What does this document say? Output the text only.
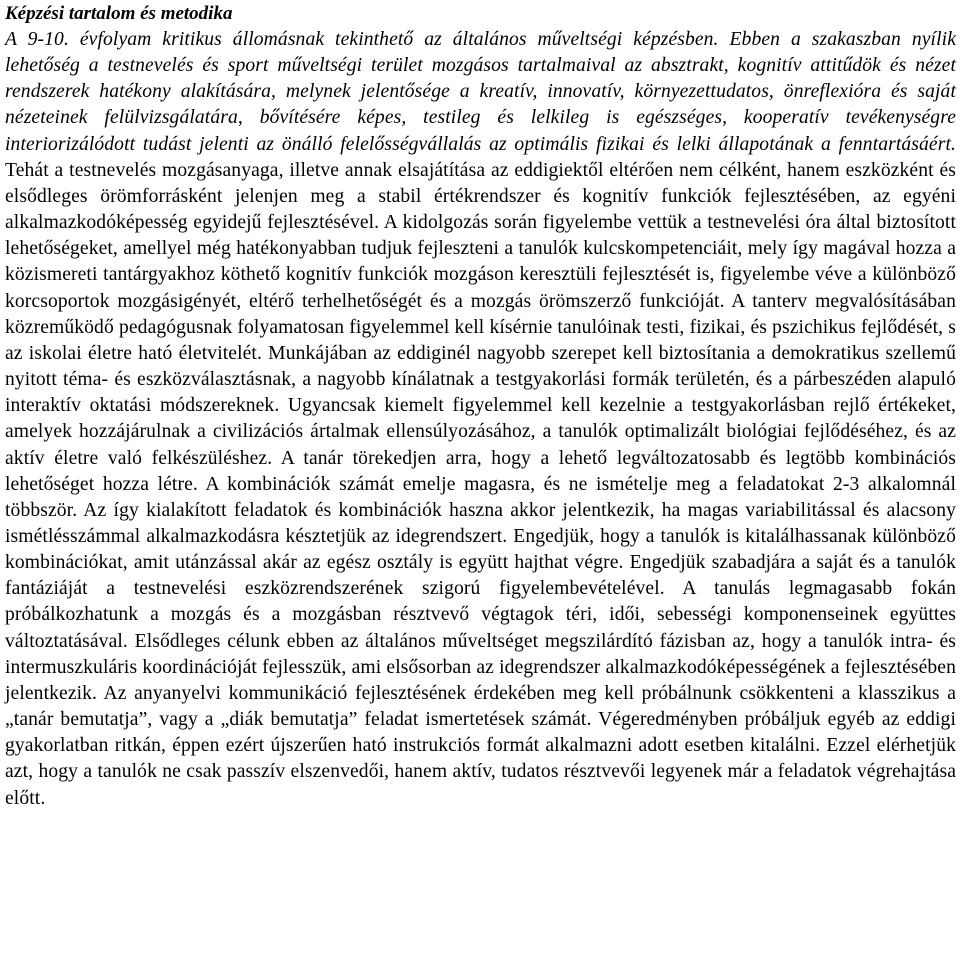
Képzési tartalom és metodika

A 9-10. évfolyam kritikus állomásnak tekinthető az általános műveltségi képzésben. Ebben a szakaszban nyílik lehetőség a testnevelés és sport műveltségi terület mozgásos tartalmaival az absztrakt, kognitív attitűdök és nézet rendszerek hatékony alakítására, melynek jelentősége a kreatív, innovatív, környezettudatos, önreflexióra és saját nézeteinek felülvizsgálatára, bővítésére képes, testileg és lelkileg is egészséges, kooperatív tevékenységre interiorizálódott tudást jelenti az önálló felelősségvállalás az optimális fizikai és lelki állapotának a fenntartásáért. Tehát a testnevelés mozgásanyaga, illetve annak elsajátítása az eddigiektől eltérően nem célként, hanem eszközként és elsődleges örömforrásként jelenjen meg a stabil értékrendszer és kognitív funkciók fejlesztésében, az egyéni alkalmazkodóképesség egyidejű fejlesztésével. A kidolgozás során figyelembe vettük a testnevelési óra által biztosított lehetőségeket, amellyel még hatékonyabban tudjuk fejleszteni a tanulók kulcskompetenciáit, mely így magával hozza a közismereti tantárgyakhoz köthető kognitív funkciók mozgáson keresztüli fejlesztését is, figyelembe véve a különböző korcsoportok mozgásigényét, eltérő terhelhetőségét és a mozgás örömszerző funkcióját. A tanterv megvalósításában közreműködő pedagógusnak folyamatosan figyelemmel kell kísérnie tanulóinak testi, fizikai, és pszichikus fejlődését, s az iskolai életre ható életvitelét. Munkájában az eddiginél nagyobb szerepet kell biztosítania a demokratikus szellemű nyitott téma- és eszközválasztásnak, a nagyobb kínálatnak a testgyakorlási formák területén, és a párbeszéden alapuló interaktív oktatási módszereknek. Ugyancsak kiemelt figyelemmel kell kezelnie a testgyakorlásban rejlő értékeket, amelyek hozzájárulnak a civilizációs ártalmak ellensúlyozásához, a tanulók optimalizált biológiai fejlődéséhez, és az aktív életre való felkészüléshez. A tanár törekedjen arra, hogy a lehető legváltozatosabb és legtöbb kombinációs lehetőséget hozza létre. A kombinációk számát emelje magasra, és ne ismételje meg a feladatokat 2-3 alkalomnál többször. Az így kialakított feladatok és kombinációk haszna akkor jelentkezik, ha magas variabilitással és alacsony ismétlésszámmal alkalmazkodásra késztetjük az idegrendszert. Engedjük, hogy a tanulók is kitalálhassanak különböző kombinációkat, amit utánzással akár az egész osztály is együtt hajthat végre. Engedjük szabadjára a saját és a tanulók fantáziáját a testnevelési eszközrendszerének szigorú figyelembevételével. A tanulás legmagasabb fokán próbálkozhatunk a mozgás és a mozgásban résztvevő végtagok téri, idői, sebességi komponenseinek együttes változtatásával. Elsődleges célunk ebben az általános műveltséget megszilárdító fázisban az, hogy a tanulók intra- és intermuszkuláris koordinációját fejlesszük, ami elsősorban az idegrendszer alkalmazkodóképességének a fejlesztésében jelentkezik. Az anyanyelvi kommunikáció fejlesztésének érdekében meg kell próbálnunk csökkenteni a klasszikus a „tanár bemutatja”, vagy a „diák bemutatja” feladat ismertetések számát. Végeredményben próbáljuk egyéb az eddigi gyakorlatban ritkán, éppen ezért újszerűen ható instrukciós formát alkalmazni adott esetben kitalálni. Ezzel elérhetjük azt, hogy a tanulók ne csak passzív elszenvedői, hanem aktív, tudatos résztvevői legyenek már a feladatok végrehajtása előtt.
